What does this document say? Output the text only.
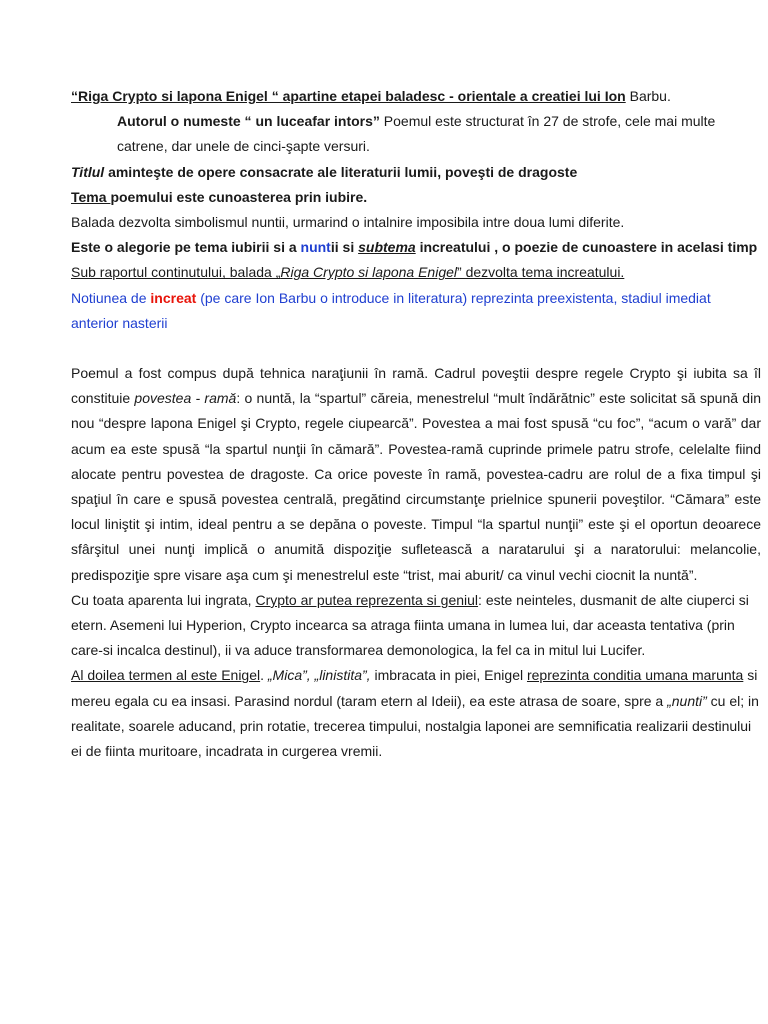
“Riga Crypto si lapona Enigel “ apartine etapei baladesc - orientale a creatiei lui Ion Barbu.

Autorul o numeste “ un luceafar intors” Poemul este structurat în 27 de strofe, cele mai multe catrene, dar unele de cinci-şapte versuri.

Titlul aminteşte de opere consacrate ale literaturii lumii, poveşti de dragoste

Tema poemului este cunoasterea prin iubire.

Balada dezvolta simbolismul nuntii, urmarind o intalnire imposibila intre doua lumi diferite.

Este o alegorie pe tema iubirii si a nuntii si subtema increatului , o poezie de cunoastere in acelasi timp Sub raportul continutului, balada „Riga Crypto si lapona Enigel” dezvolta tema increatului.

Notiunea de increat (pe care Ion Barbu o introduce in literatura) reprezinta preexistenta, stadiul imediat anterior nasterii

Poemul a fost compus după tehnica naraţiunii în ramă. Cadrul poveştii despre regele Crypto şi iubita sa îl constituie povestea - ramă: o nuntă, la “spartul” căreia, menestrelul “mult îndărătnic” este solicitat să spună din nou “despre lapona Enigel şi Crypto, regele ciupearcă”. Povestea a mai fost spusă “cu foc”, “acum o vară” dar acum ea este spusă “la spartul nunţii în cămară”. Povestea-ramă cuprinde primele patru strofe, celelalte fiind alocate pentru povestea de dragoste. Ca orice poveste în ramă, povestea-cadru are rolul de a fixa timpul şi spaţiul în care e spusă povestea centrală, pregătind circumstanţe prielnice spunerii poveştilor. “Cămara” este locul liniştit şi intim, ideal pentru a se depăna o poveste. Timpul “la spartul nunţii” este şi el oportun deoarece sfârşitul unei nunţi implică o anumită dispoziţie sufletească a naratarului şi a naratorului: melancolie, predispoziţie spre visare aşa cum şi menestrelul este “trist, mai aburit/ ca vinul vechi ciocnit la nuntă”.

Cu toata aparenta lui ingrata, Crypto ar putea reprezenta si geniul: este neinteles, dusmanit de alte ciuperci si etern. Asemeni lui Hyperion, Crypto incearca sa atraga fiinta umana in lumea lui, dar aceasta tentativa (prin care-si incalca destinul), ii va aduce transformarea demonologica, la fel ca in mitul lui Lucifer.

Al doilea termen al este Enigel. „Mica”, „linistita”, imbracata in piei, Enigel reprezinta conditia umana marunta si mereu egala cu ea insasi. Parasind nordul (taram etern al Ideii), ea este atrasa de soare, spre a „nunti” cu el; in realitate, soarele aducand, prin rotatie, trecerea timpului, nostalgia laponei are semnificatia realizarii destinului ei de fiinta muritoare, incadrata in curgerea vremii.
